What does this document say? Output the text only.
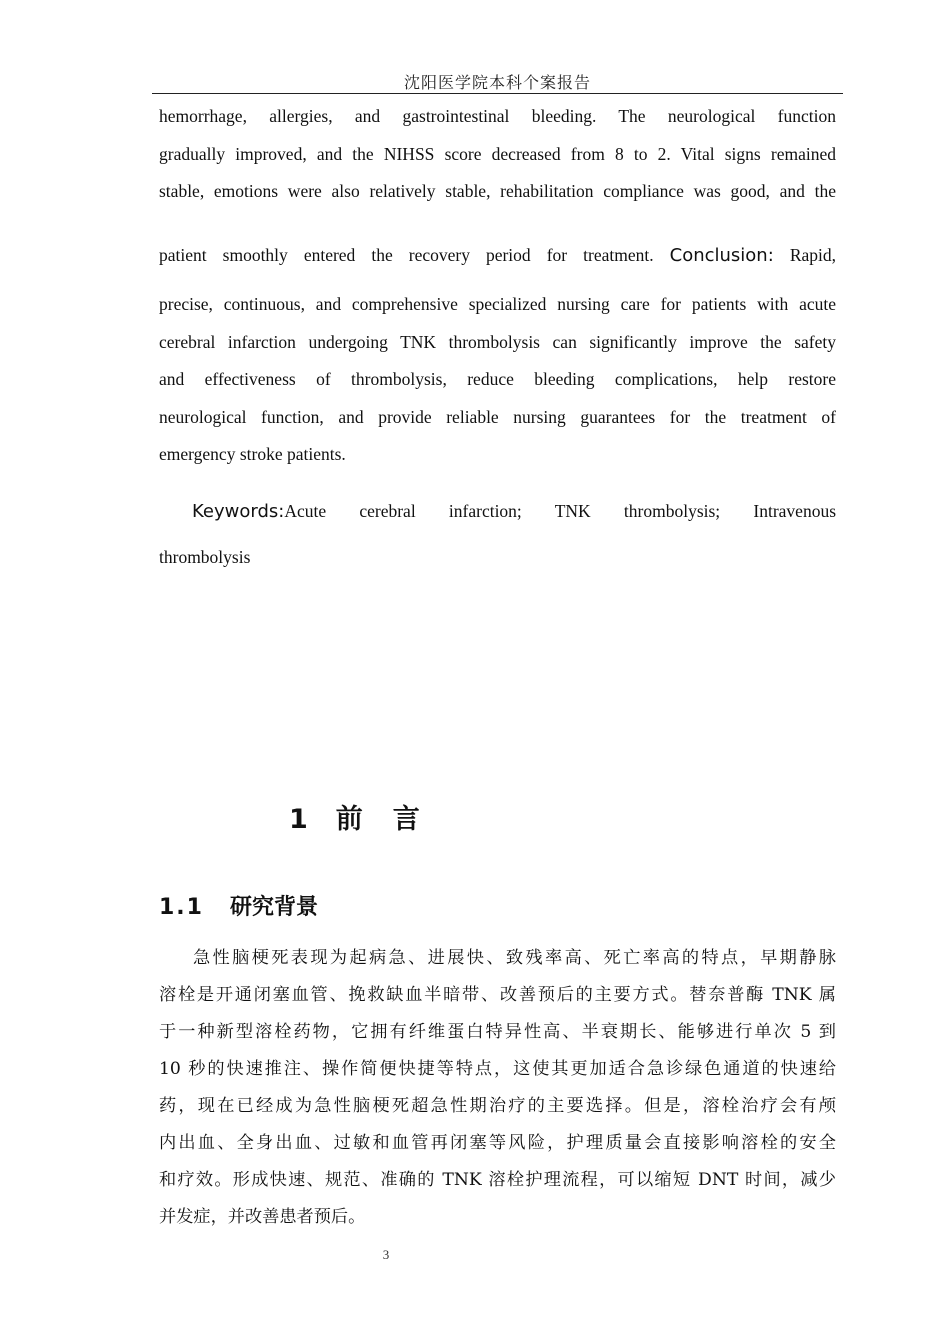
沈阳医学院本科个案报告
hemorrhage, allergies, and gastrointestinal bleeding. The neurological function
gradually improved, and the NIHSS score decreased from 8 to 2. Vital signs remained
stable, emotions were also relatively stable, rehabilitation compliance was good, and the
patient smoothly entered the recovery period for treatment. Conclusion: Rapid,
precise, continuous, and comprehensive specialized nursing care for patients with acute
cerebral infarction undergoing TNK thrombolysis can significantly improve the safety
and effectiveness of thrombolysis, reduce bleeding complications, help restore
neurological function, and provide reliable nursing guarantees for the treatment of
emergency stroke patients.
Keywords:Acute cerebral infarction; TNK thrombolysis; Intravenous
thrombolysis
1 前 言
1.1 研究背景
急性脑梗死表现为起病急、进展快、致残率高、死亡率高的特点，早期静脉
溶栓是开通闭塞血管、挽救缺血半暗带、改善预后的主要方式。替奈普酶 TNK 属
于一种新型溶栓药物，它拥有纤维蛋白特异性高、半衰期长、能够进行单次 5 到
10 秒的快速推注、操作简便快捷等特点，这使其更加适合急诊绿色通道的快速给
药，现在已经成为急性脑梗死超急性期治疗的主要选择。但是，溶栓治疗会有颅
内出血、全身出血、过敏和血管再闭塞等风险，护理质量会直接影响溶栓的安全
和疗效。形成快速、规范、准确的 TNK 溶栓护理流程，可以缩短 DNT 时间，减少
并发症，并改善患者预后。
3
